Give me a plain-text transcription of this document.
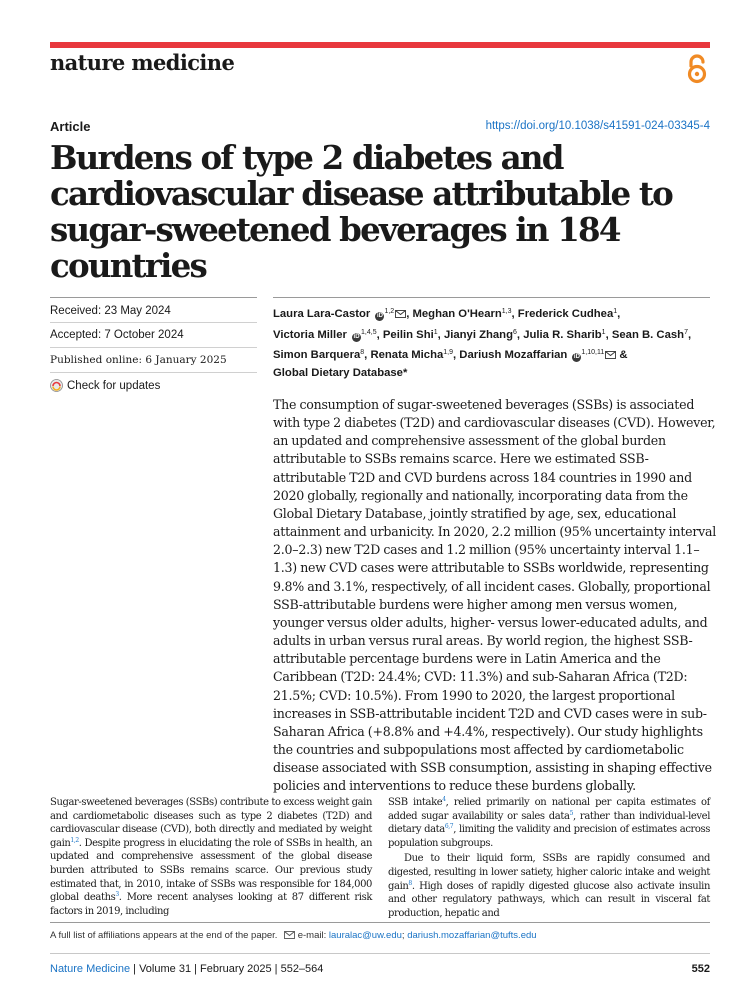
nature medicine
Article	https://doi.org/10.1038/s41591-024-03345-4
Burdens of type 2 diabetes and cardiovascular disease attributable to sugar-sweetened beverages in 184 countries
Received: 23 May 2024
Accepted: 7 October 2024
Published online: 6 January 2025
Check for updates
Laura Lara-Castor iD$^{1,2}$ , Meghan O'Hearn$^{1,3}$, Frederick Cudhea$^1$, Victoria Miller iD$^{1,4,5}$, Peilin Shi$^1$, Jianyi Zhang$^6$, Julia R. Sharib$^1$, Sean B. Cash$^7$, Simon Barquera$^8$, Renata Micha$^{1,9}$, Dariush Mozaffarian iD$^{1,10,11}$ & Global Dietary Database*

The consumption of sugar-sweetened beverages (SSBs) is associated with type 2 diabetes (T2D) and cardiovascular diseases (CVD). However, an updated and comprehensive assessment of the global burden attributable to SSBs remains scarce. Here we estimated SSB-attributable T2D and CVD burdens across 184 countries in 1990 and 2020 globally, regionally and nationally, incorporating data from the Global Dietary Database, jointly stratified by age, sex, educational attainment and urbanicity. In 2020, 2.2 million (95% uncertainty interval 2.0–2.3) new T2D cases and 1.2 million (95% uncertainty interval 1.1–1.3) new CVD cases were attributable to SSBs worldwide, representing 9.8% and 3.1%, respectively, of all incident cases. Globally, proportional SSB-attributable burdens were higher among men versus women, younger versus older adults, higher- versus lower-educated adults, and adults in urban versus rural areas. By world region, the highest SSB-attributable percentage burdens were in Latin America and the Caribbean (T2D: 24.4%; CVD: 11.3%) and sub-Saharan Africa (T2D: 21.5%; CVD: 10.5%). From 1990 to 2020, the largest proportional increases in SSB-attributable incident T2D and CVD cases were in sub-Saharan Africa (+8.8% and +4.4%, respectively). Our study highlights the countries and subpopulations most affected by cardiometabolic disease associated with SSB consumption, assisting in shaping effective policies and interventions to reduce these burdens globally.

Sugar-sweetened beverages (SSBs) contribute to excess weight gain and cardiometabolic diseases such as type 2 diabetes (T2D) and cardiovascular disease (CVD), both directly and mediated by weight gain$^{1,2}$. Despite progress in elucidating the role of SSBs in health, an updated and comprehensive assessment of the global disease burden attributed to SSBs remains scarce. Our previous study estimated that, in 2010, intake of SSBs was responsible for 184,000 global deaths$^3$. More recent analyses looking at 87 different risk factors in 2019, including
SSB intake$^4$, relied primarily on national per capita estimates of added sugar availability or sales data$^5$, rather than individual-level dietary data$^{6,7}$, limiting the validity and precision of estimates across population subgroups.
Due to their liquid form, SSBs are rapidly consumed and digested, resulting in lower satiety, higher caloric intake and weight gain$^8$. High doses of rapidly digested glucose also activate insulin and other regulatory pathways, which can result in visceral fat production, hepatic and
A full list of affiliations appears at the end of the paper. e-mail: lauralac@uw.edu; dariush.mozaffarian@tufts.edu
Nature Medicine | Volume 31 | February 2025 | 552–564	552
